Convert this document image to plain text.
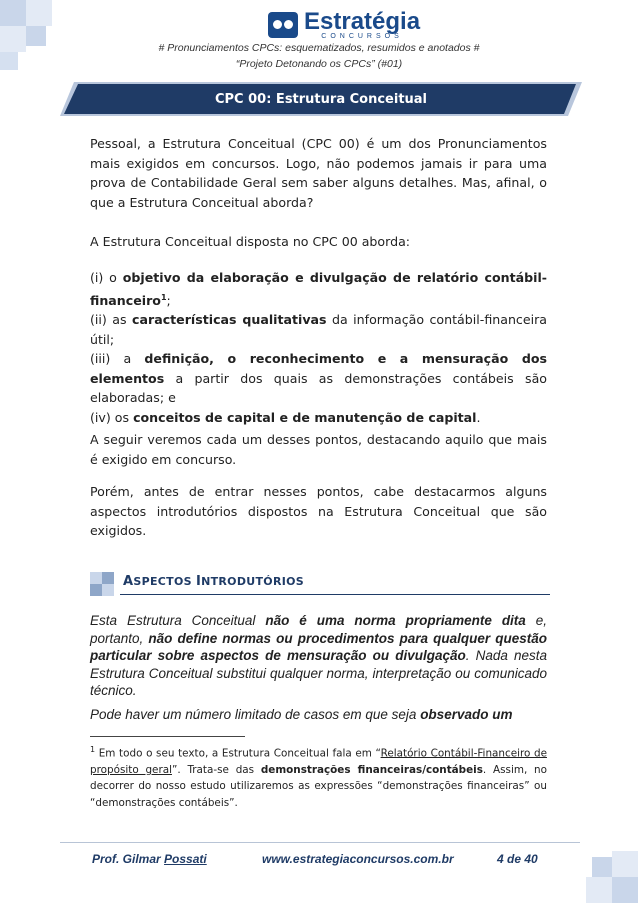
Estratégia
CONCURSOS
# Pronunciamentos CPCs: esquematizados, resumidos e anotados #
“Projeto Detonando os CPCs” (#01)
CPC 00: Estrutura Conceitual

Pessoal, a Estrutura Conceitual (CPC 00) é um dos Pronunciamentos mais exigidos em concursos. Logo, não podemos jamais ir para uma prova de Contabilidade Geral sem saber alguns detalhes. Mas, afinal, o que a Estrutura Conceitual aborda?

A Estrutura Conceitual disposta no CPC 00 aborda:

(i) o objetivo da elaboração e divulgação de relatório contábil-financeiro$^1$;

(ii) as características qualitativas da informação contábil-financeira útil;

(iii) a definição, o reconhecimento e a mensuração dos elementos a partir dos quais as demonstrações contábeis são elaboradas; e

(iv) os conceitos de capital e de manutenção de capital.

A seguir veremos cada um desses pontos, destacando aquilo que mais é exigido em concurso.

Porém, antes de entrar nesses pontos, cabe destacarmos alguns aspectos introdutórios dispostos na Estrutura Conceitual que são exigidos.

ASPECTOS INTRODUTÓRIOS
Esta Estrutura Conceitual não é uma norma propriamente dita e, portanto, não define normas ou procedimentos para qualquer questão particular sobre aspectos de mensuração ou divulgação. Nada nesta Estrutura Conceitual substitui qualquer norma, interpretação ou comunicado técnico.
Pode haver um número limitado de casos em que seja observado um
$^1$ Em todo o seu texto, a Estrutura Conceitual fala em “Relatório Contábil-Financeiro de propósito geral”. Trata-se das demonstrações financeiras/contábeis. Assim, no decorrer do nosso estudo utilizaremos as expressões “demonstrações financeiras” ou “demonstrações contábeis”.
Prof. Gilmar Possati	www.estrategiaconcursos.com.br	4 de 40
